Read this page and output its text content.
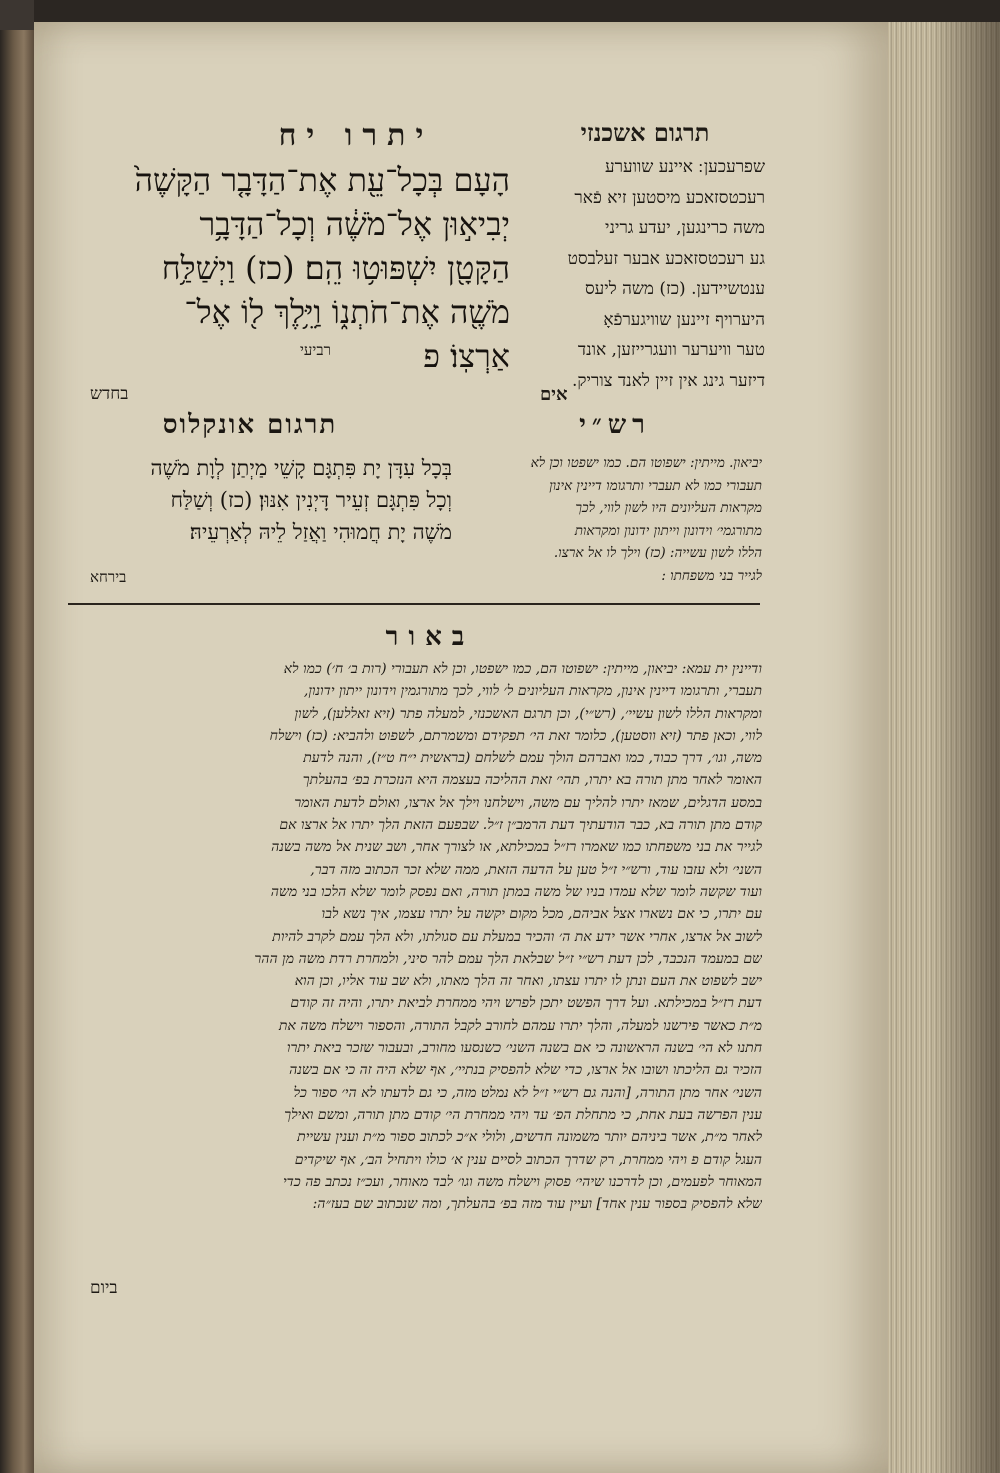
יתרו יח	תרגום אשכנזי
הָעָם בְּכָל־עֵ֖ת אֶת־הַדָּבָ֤ר הַקָּשֶׁה֙
יְבִיא֣וּן אֶל־מֹשֶׁ֔ה וְכָל־הַדָּבָ֥ר
הַקָּטָ֖ן יִשְׁפּוּט֥וּ הֵֽם׃ (כז) וַיְשַׁלַּ֥ח
מֹשֶׁ֖ה אֶת־חֹתְנ֑וֹ וַיֵּ֥לֶךְ ל֖וֹ אֶל־
אַרְצֽוֹ׃ פ
רביעי
שפרעכען ׃ איינע שווערע
רעכטסזאכע מיסטען זיא פֿאר
משה כרינגען, יעדע גריני
גע רעכטסזאכע אבער זעלבסט
ענטשיידען. (כז) משה ליעס
היערויף זיינען שוויגערפֿאָ
טער וויערער וועגרייזען, אונד
דיזער גינג אין זיין לאנד צוריק.
אים
בחדש
תרגום אונקלוס	רש״י
בְּכָל עִדָּן יָת פִּתְגָּם קָשֵׁי מַיְתַן לְוָת מֹשֶׁה
וְכָל פִּתְגָּם זְעֵיר דָּיְנִין אִנּוּן׃ (כז) וְשַׁלַּח
מֹשֶׁה יָת חֲמוּהִי וַאֲזַל לֵיהּ לְאַרְעֵיהּ׃
בירחא
יביאון. מייתין: ישפוטו הם. כמו ישפטו וכן לא
תעבורי כמו לא תעברי ותרגומו דיינין אינון
מקראות העליונים היו לשון לווי, לכך
מתורגמי׳ וידונון וייתון ידונון ומקראות
הללו לשון עשייה: (כז) וילך לו אל ארצו.
לגייר בני משפחתו :
באור
ודיינין ית עמא: יביאון, מייתין: ישפוטו הם, כמו ישפטו, וכן לא תעבורי (רות ב׳ ח׳) כמו לא
תעברי, ותרגומו דיינין אינון, מקראות העליונים ל׳ לווי, לכך מתורגמין וידונון ייתון ידונון,
ומקראות הללו לשון עשיי׳, (רש״י), וכן תרגם האשכנזי, למעלה פתר (זיא זאללען), לשון
לווי, וכאן פתר (זיא ווסטען), כלומר זאת הי׳ תפקידם ומשמרתם, לשפוט ולהביא: (כז) וישלח
משה, וגו׳, דרך כבוד, כמו ואברהם הולך עמם לשלחם (בראשית י״ח ט״ז), והנה לדעת
האומר לאחר מתן תורה בא יתרו, תהי׳ זאת ההליכה בעצמה היא הנזכרת בפ׳ בהעלתך
במסע הדגלים, שמאז יתרו להליך עם משה, וישלחנו וילך אל ארצו, ואולם לדעת האומר
קודם מתן תורה בא, כבר הודעתיך דעת הרמב״ן ז״ל. שבפעם הזאת הלך יתרו אל ארצו אם
לגייר את בני משפחתו כמו שאמרו רז״ל במכילתא, או לצורך אחר, ושב שנית אל משה בשנה
השני׳ ולא עזבו עוד, ורש״י ז״ל טען על הדעה הזאת, ממה שלא זכר הכתוב מזה דבר,
ועוד שקשה לומר שלא עמדו בניו של משה במתן תורה, ואם נפסק לומר שלא הלכו בני משה
עם יתרו, כי אם נשארו אצל אביהם, מכל מקום יקשה על יתרו עצמו, איך נשא לבו
לשוב אל ארצו, אחרי אשר ידע את ה׳ והכיר במעלת עם סגולתו, ולא הלך עמם לקרב להיות
שם במעמד הנכבד, לכן דעת רש״י ז״ל שבלאת הלך עמם להר סיני, ולמחרת רדת משה מן ההר
ישב לשפוט את העם ונתן לו יתרו עצתו, ואחר זה הלך מאתו, ולא שב עוד אליו, וכן הוא
דעת רז״ל במכילתא. ועל דרך הפשט יתכן לפרש ויהי ממחרת לביאת יתרו, והיה זה קודם
מ״ת כאשר פירשנו למעלה, והלך יתרו עמהם לחורב לקבל התורה, והספור וישלח משה את
חתנו לא הי׳ בשנה הראשונה כי אם בשנה השני׳ כשנסעו מחורב, ובעבור שזכר ביאת יתרו
הזכיר גם הליכתו ושובו אל ארצו, כדי שלא להפסיק בנתיי׳, אף שלא היה זה כי אם בשנה
השני׳ אחר מתן התורה, [והנה גם רש״י ז״ל לא נמלט מזה, כי גם לדעתו לא הי׳ ספור כל
ענין הפרשה בעת אחת, כי מתחלת הפ׳ עד ויהי ממחרת הי׳ קודם מתן תורה, ומשם ואילך
לאחר מ״ת, אשר ביניהם יותר משמונה חדשים, ולולי א״כ לכתוב ספור מ״ת וענין עשיית
העגל קודם פ ויהי ממחרת, רק שדרך הכתוב לסיים ענין א׳ כולו ויתחיל הב׳, אף שיקדים
המאוחר לפעמים, וכן לדרכנו שיהי׳ פסוק וישלח משה וגו׳ לבד מאוחר, ועכ״ז נכתב פה כדי
שלא להפסיק בספור ענין אחד] ועיין עוד מזה בפ׳ בהעלתך, ומה שנכתוב שם בעז״ה:
ביום
